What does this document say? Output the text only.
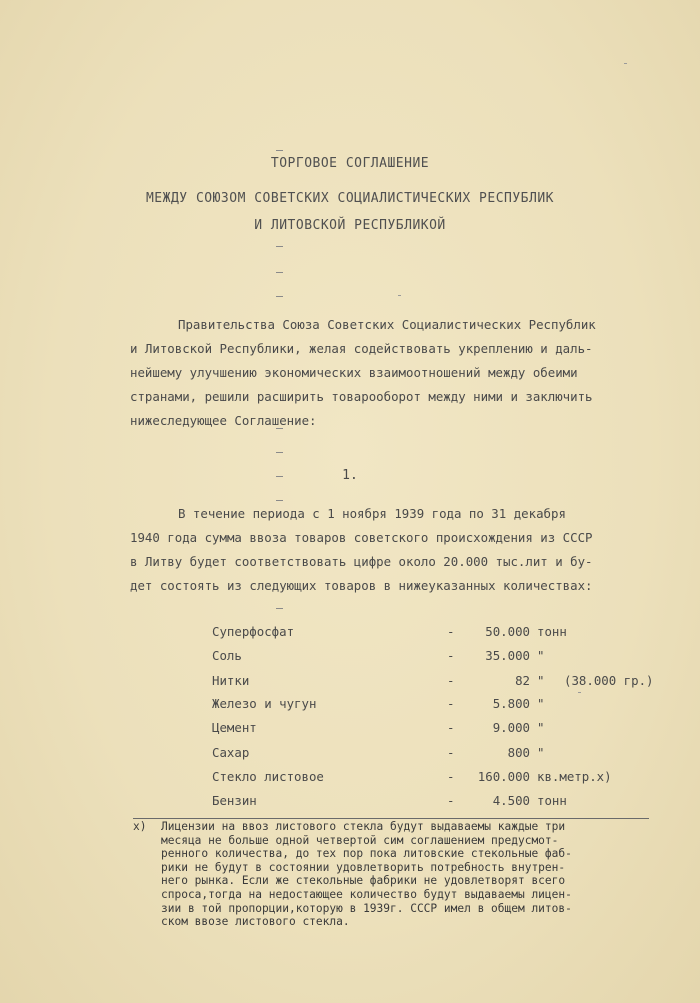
ТОРГОВОЕ СОГЛАШЕНИЕ
МЕЖДУ СОЮЗОМ СОВЕТСКИХ СОЦИАЛИСТИЧЕСКИХ РЕСПУБЛИК
И ЛИТОВСКОЙ РЕСПУБЛИКОЙ
Правительства Союза Советских Социалистических Республик
и Литовской Республики, желая содействовать укреплению и даль-
нейшему улучшению экономических взаимоотношений между обеими
странами, решили расширить товарооборот между ними и заключить
нижеследующее Соглашение:
1.
В течение периода с 1 ноября 1939 года по 31 декабря
1940 года сумма ввоза товаров советского происхождения из СССР
в Литву будет соответствовать цифре около 20.000 тыс.лит и бу-
дет состоять из следующих товаров в нижеуказанных количествах:
Суперфосфат	-	50.000 тонн
Соль	-	35.000 "
Нитки	-	82 " (38.000 гр.)
Железо и чугун	-	5.800 "
Цемент	-	9.000 "
Сахар	-	800 "
Стекло листовое	-	160.000 кв.метр.х)
Бензин	-	4.500 тонн
х)	Лицензии на ввоз листового стекла будут выдаваемы каждые три
месяца не больше одной четвертой сим соглашением предусмот-
ренного количества, до тех пор пока литовские стекольные фаб-
рики не будут в состоянии удовлетворить потребность внутрен-
него рынка. Если же стекольные фабрики не удовлетворят всего
спроса,тогда на недостающее количество будут выдаваемы лицен-
зии в той пропорции,которую в 1939г. СССР имел в общем литов-
ском ввозе листового стекла.
